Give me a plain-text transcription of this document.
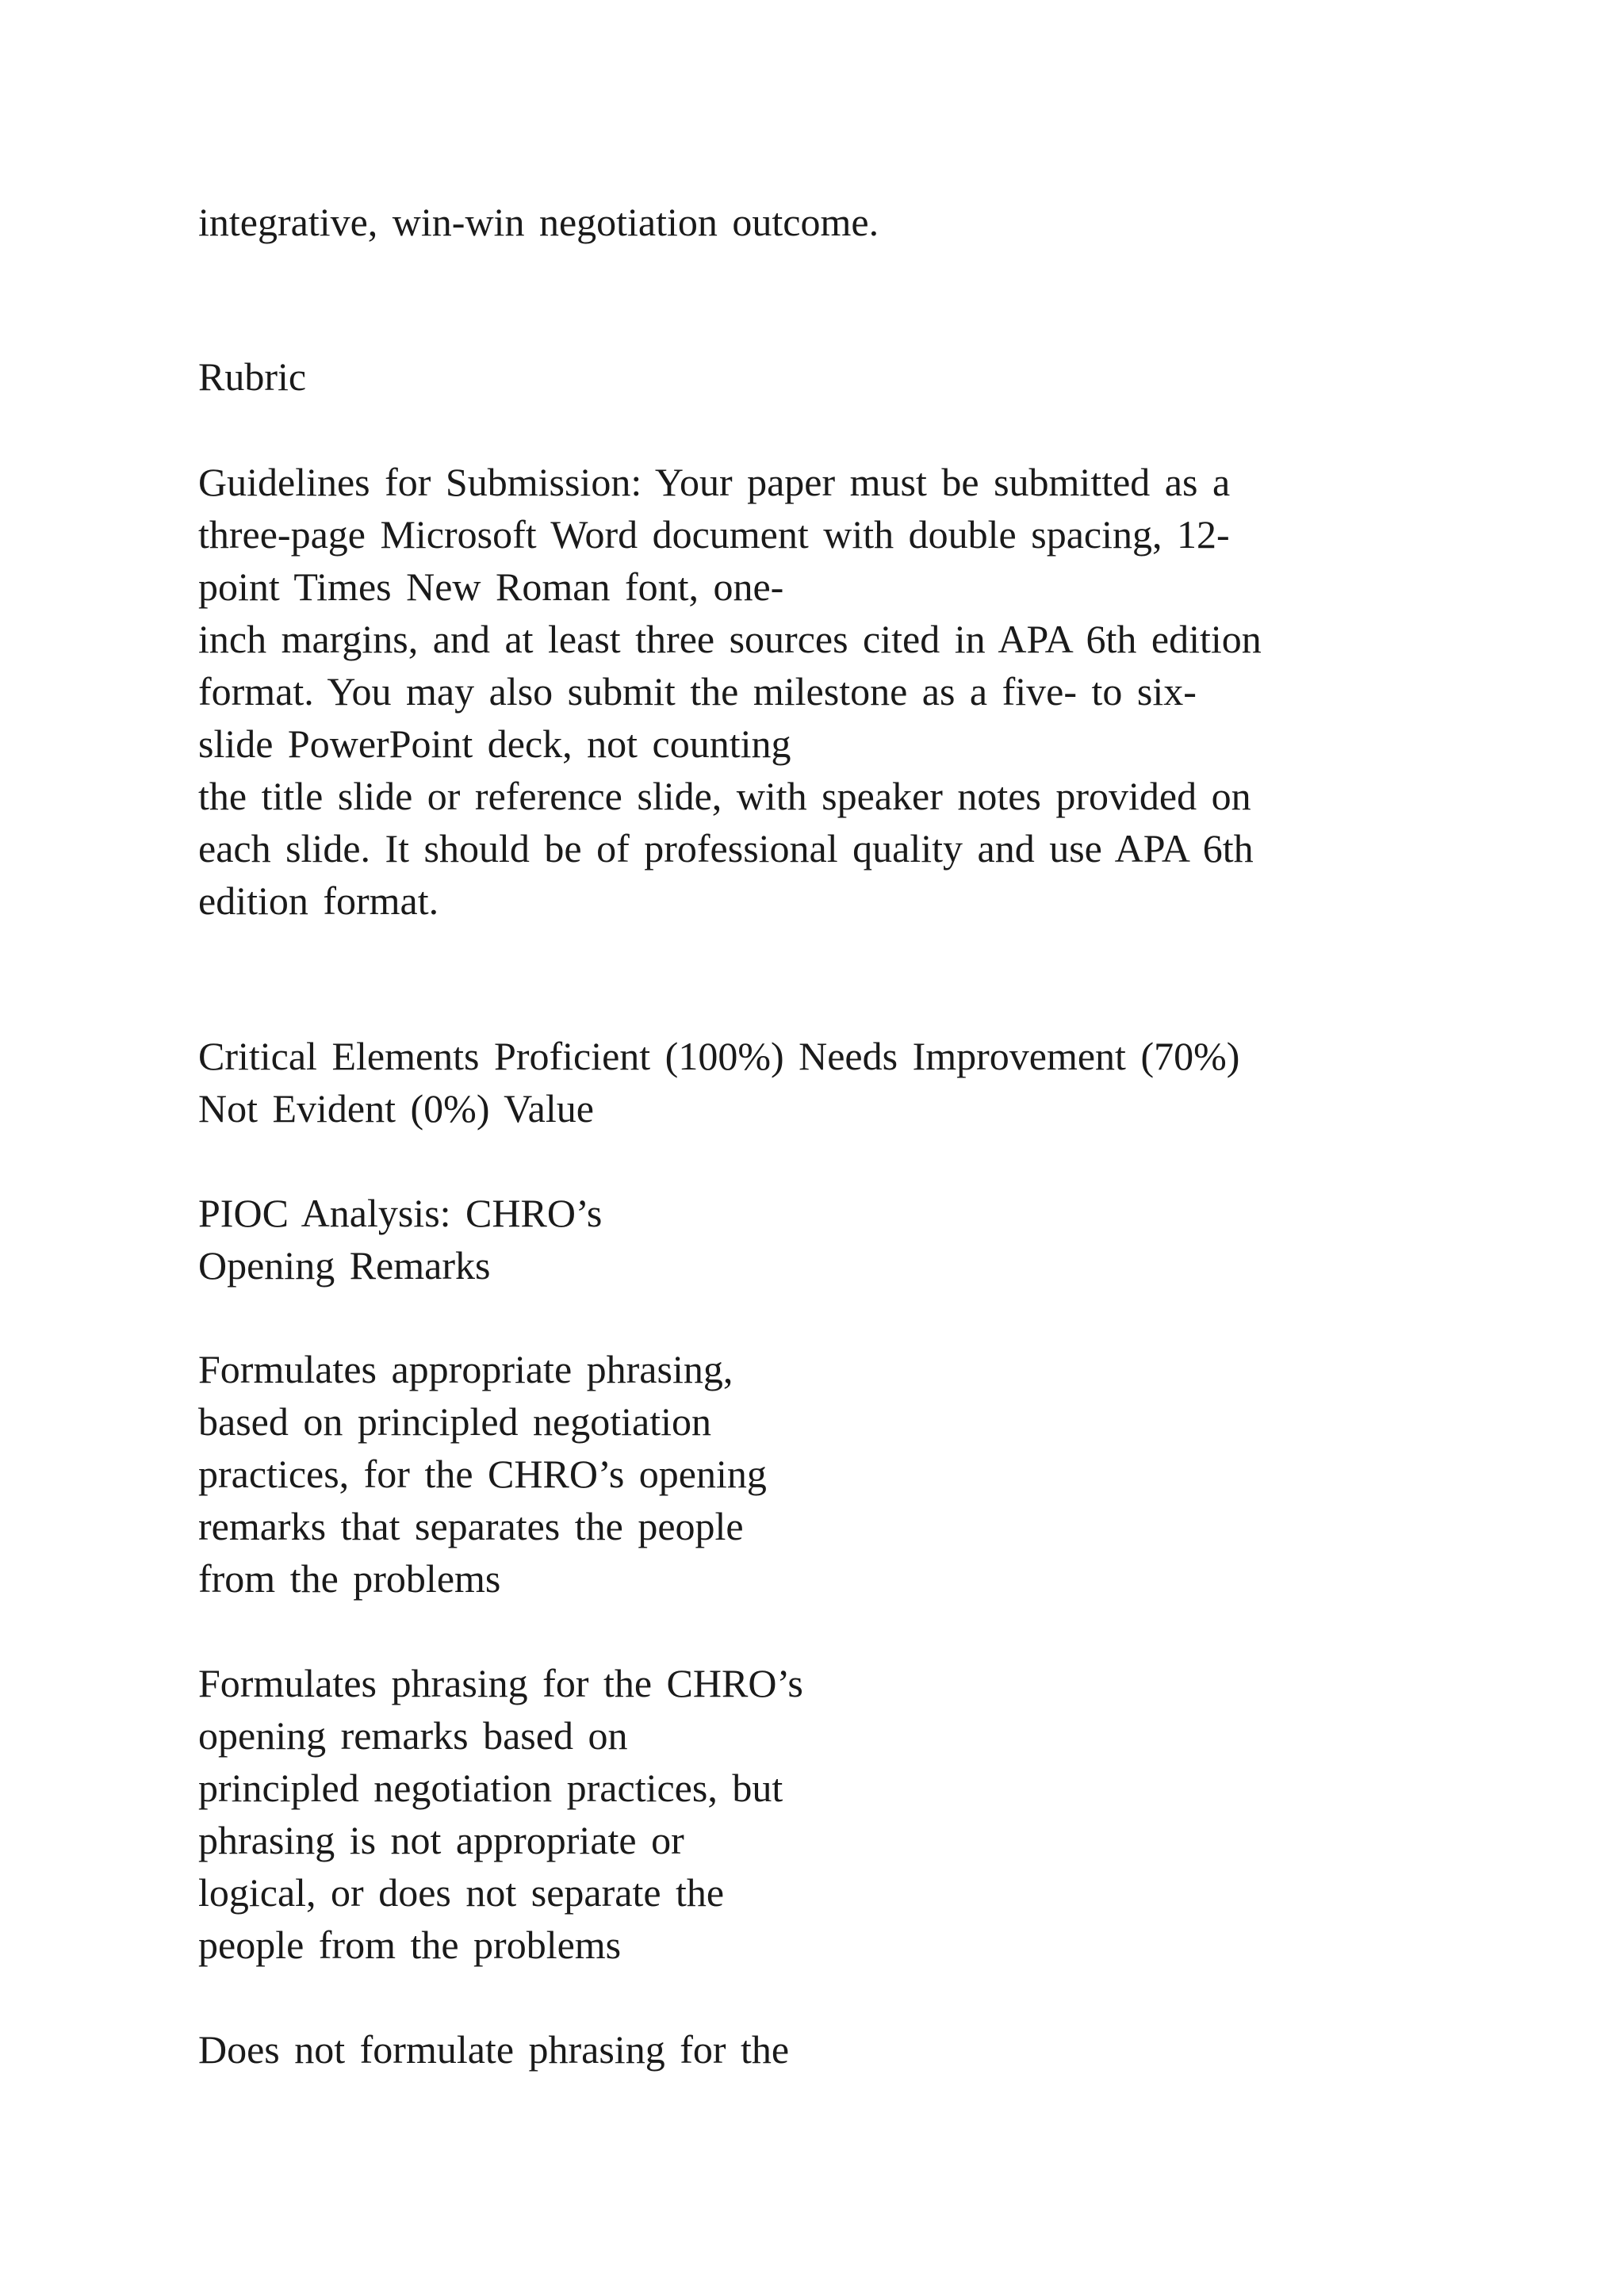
integrative, win-win negotiation outcome.

Rubric

Guidelines for Submission: Your paper must be submitted as a

three-page Microsoft Word document with double spacing, 12-

point Times New Roman font, one-

inch margins, and at least three sources cited in APA 6th edition

format. You may also submit the milestone as a five- to six-

slide PowerPoint deck, not counting

the title slide or reference slide, with speaker notes provided on

each slide. It should be of professional quality and use APA 6th

edition format.

Critical Elements Proficient (100%) Needs Improvement (70%)

Not Evident (0%) Value

PIOC Analysis: CHRO’s

Opening Remarks

Formulates appropriate phrasing,

based on principled negotiation

practices, for the CHRO’s opening

remarks that separates the people

from the problems

Formulates phrasing for the CHRO’s

opening remarks based on

principled negotiation practices, but

phrasing is not appropriate or

logical, or does not separate the

people from the problems

Does not formulate phrasing for the
